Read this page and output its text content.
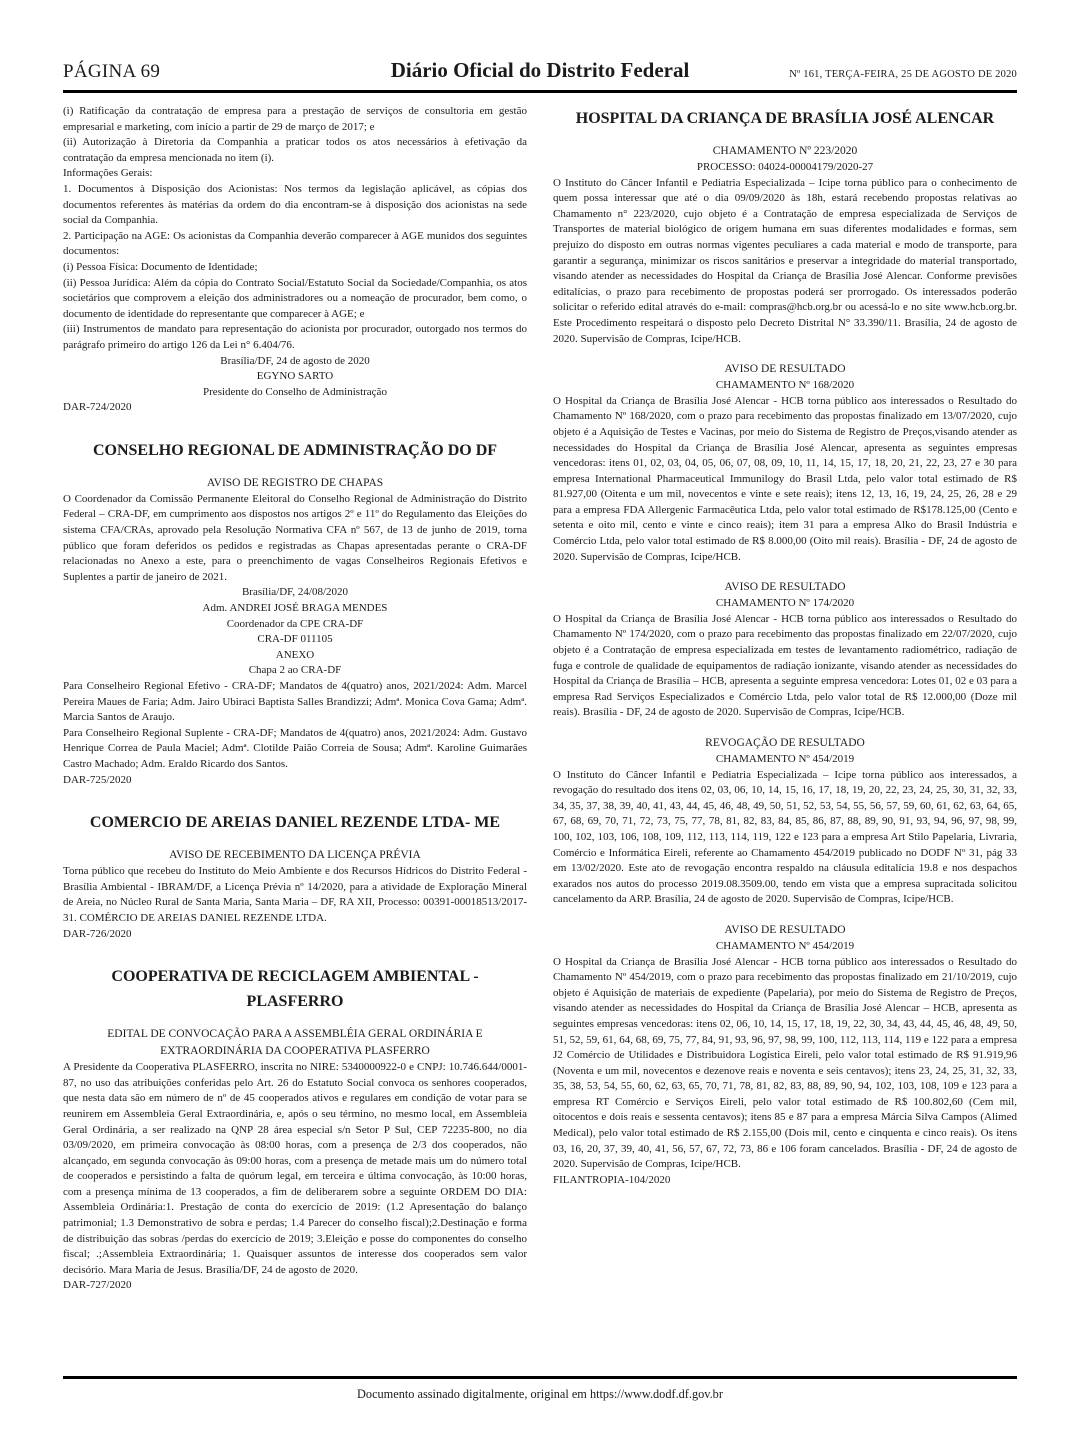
PÁGINA 69	Diário Oficial do Distrito Federal	Nº 161, TERÇA-FEIRA, 25 DE AGOSTO DE 2020

(i) Ratificação da contratação de empresa para a prestação de serviços de consultoria em gestão empresarial e marketing, com início a partir de 29 de março de 2017; e

(ii) Autorização à Diretoria da Companhia a praticar todos os atos necessários à efetivação da contratação da empresa mencionada no item (i).

Informações Gerais:

1. Documentos à Disposição dos Acionistas: Nos termos da legislação aplicável, as cópias dos documentos referentes às matérias da ordem do dia encontram-se à disposição dos acionistas na sede social da Companhia.

2. Participação na AGE: Os acionistas da Companhia deverão comparecer à AGE munidos dos seguintes documentos:

(i) Pessoa Física: Documento de Identidade;

(ii) Pessoa Jurídica: Além da cópia do Contrato Social/Estatuto Social da Sociedade/Companhia, os atos societários que comprovem a eleição dos administradores ou a nomeação de procurador, bem como, o documento de identidade do representante que comparecer à AGE; e

(iii) Instrumentos de mandato para representação do acionista por procurador, outorgado nos termos do parágrafo primeiro do artigo 126 da Lei n° 6.404/76.

Brasília/DF, 24 de agosto de 2020

EGYNO SARTO

Presidente do Conselho de Administração

DAR-724/2020

CONSELHO REGIONAL DE ADMINISTRAÇÃO DO DF

AVISO DE REGISTRO DE CHAPAS

O Coordenador da Comissão Permanente Eleitoral do Conselho Regional de Administração do Distrito Federal – CRA-DF, em cumprimento aos dispostos nos artigos 2º e 11º do Regulamento das Eleições do sistema CFA/CRAs, aprovado pela Resolução Normativa CFA nº 567, de 13 de junho de 2019, torna público que foram deferidos os pedidos e registradas as Chapas apresentadas perante o CRA-DF relacionadas no Anexo a este, para o preenchimento de vagas Conselheiros Regionais Efetivos e Suplentes a partir de janeiro de 2021.

Brasília/DF, 24/08/2020

Adm. ANDREI JOSÉ BRAGA MENDES

Coordenador da CPE CRA-DF

CRA-DF 011105

ANEXO

Chapa 2 ao CRA-DF

Para Conselheiro Regional Efetivo - CRA-DF; Mandatos de 4(quatro) anos, 2021/2024: Adm. Marcel Pereira Maues de Faria; Adm. Jairo Ubiraci Baptista Salles Brandizzi; Admª. Monica Cova Gama; Admª. Marcia Santos de Araujo.

Para Conselheiro Regional Suplente - CRA-DF; Mandatos de 4(quatro) anos, 2021/2024: Adm. Gustavo Henrique Correa de Paula Maciel; Admª. Clotilde Paião Correia de Sousa; Admª. Karoline Guimarães Castro Machado; Adm. Eraldo Ricardo dos Santos.

DAR-725/2020

COMERCIO DE AREIAS DANIEL REZENDE LTDA- ME

AVISO DE RECEBIMENTO DA LICENÇA PRÉVIA

Torna público que recebeu do Instituto do Meio Ambiente e dos Recursos Hídricos do Distrito Federal - Brasília Ambiental - IBRAM/DF, a Licença Prévia nº 14/2020, para a atividade de Exploração Mineral de Areia, no Núcleo Rural de Santa Maria, Santa Maria – DF, RA XII, Processo: 00391-00018513/2017-31. COMÉRCIO DE AREIAS DANIEL REZENDE LTDA.

DAR-726/2020

COOPERATIVA DE RECICLAGEM AMBIENTAL - PLASFERRO

EDITAL DE CONVOCAÇÃO PARA A ASSEMBLÉIA GERAL ORDINÁRIA E EXTRAORDINÁRIA DA COOPERATIVA PLASFERRO

A Presidente da Cooperativa PLASFERRO, inscrita no NIRE: 5340000922-0 e CNPJ: 10.746.644/0001-87, no uso das atribuições conferidas pelo Art. 26 do Estatuto Social convoca os senhores cooperados, que nesta data são em número de nº de 45 cooperados ativos e regulares em condição de votar para se reunirem em Assembleia Geral Extraordinária, e, após o seu término, no mesmo local, em Assembleia Geral Ordinária, a ser realizado na QNP 28 área especial s/n Setor P Sul, CEP 72235-800, no dia 03/09/2020, em primeira convocação às 08:00 horas, com a presença de 2/3 dos cooperados, não alcançado, em segunda convocação às 09:00 horas, com a presença de metade mais um do número total de cooperados e persistindo a falta de quórum legal, em terceira e última convocação, às 10:00 horas, com a presença mínima de 13 cooperados, a fim de deliberarem sobre a seguinte ORDEM DO DIA: Assembleia Ordinária:1. Prestação de conta do exercício de 2019: (1.2 Apresentação do balanço patrimonial; 1.3 Demonstrativo de sobra e perdas; 1.4 Parecer do conselho fiscal);2.Destinação e forma de distribuição das sobras /perdas do exercício de 2019; 3.Eleição e posse do componentes do conselho fiscal; .;Assembleia Extraordinária; 1. Quaisquer assuntos de interesse dos cooperados sem valor decisório. Mara Maria de Jesus. Brasília/DF, 24 de agosto de 2020.

DAR-727/2020

HOSPITAL DA CRIANÇA DE BRASÍLIA JOSÉ ALENCAR

CHAMAMENTO Nº 223/2020

PROCESSO: 04024-00004179/2020-27

O Instituto do Câncer Infantil e Pediatria Especializada – Icipe torna público para o conhecimento de quem possa interessar que até o dia 09/09/2020 às 18h, estará recebendo propostas relativas ao Chamamento n° 223/2020, cujo objeto é a Contratação de empresa especializada de Serviços de Transportes de material biológico de origem humana em suas diferentes modalidades e formas, sem prejuízo do disposto em outras normas vigentes peculiares a cada material e modo de transporte, para garantir a segurança, minimizar os riscos sanitários e preservar a integridade do material transportado, visando atender as necessidades do Hospital da Criança de Brasília José Alencar. Conforme previsões editalícias, o prazo para recebimento de propostas poderá ser prorrogado. Os interessados poderão solicitar o referido edital através do e-mail: compras@hcb.org.br ou acessá-lo e no site www.hcb.org.br. Este Procedimento respeitará o disposto pelo Decreto Distrital N° 33.390/11. Brasília, 24 de agosto de 2020. Supervisão de Compras, Icipe/HCB.

AVISO DE RESULTADO

CHAMAMENTO Nº 168/2020

O Hospital da Criança de Brasília José Alencar - HCB torna público aos interessados o Resultado do Chamamento Nº 168/2020, com o prazo para recebimento das propostas finalizado em 13/07/2020, cujo objeto é a Aquisição de Testes e Vacinas, por meio do Sistema de Registro de Preços,visando atender as necessidades do Hospital da Criança de Brasília José Alencar, apresenta as seguintes empresas vencedoras: itens 01, 02, 03, 04, 05, 06, 07, 08, 09, 10, 11, 14, 15, 17, 18, 20, 21, 22, 23, 27 e 30 para empresa International Pharmaceutical Immunilogy do Brasil Ltda, pelo valor total estimado de R$ 81.927,00 (Oitenta e um mil, novecentos e vinte e sete reais); itens 12, 13, 16, 19, 24, 25, 26, 28 e 29 para a empresa FDA Allergenic Farmacêutica Ltda, pelo valor total estimado de R$178.125,00 (Cento e setenta e oito mil, cento e vinte e cinco reais); item 31 para a empresa Alko do Brasil Indústria e Comércio Ltda, pelo valor total estimado de R$ 8.000,00 (Oito mil reais). Brasília - DF, 24 de agosto de 2020. Supervisão de Compras, Icipe/HCB.

AVISO DE RESULTADO

CHAMAMENTO Nº 174/2020

O Hospital da Criança de Brasília José Alencar - HCB torna público aos interessados o Resultado do Chamamento Nº 174/2020, com o prazo para recebimento das propostas finalizado em 22/07/2020, cujo objeto é a Contratação de empresa especializada em testes de levantamento radiométrico, radiação de fuga e controle de qualidade de equipamentos de radiação ionizante, visando atender as necessidades do Hospital da Criança de Brasília – HCB, apresenta a seguinte empresa vencedora: Lotes 01, 02 e 03 para a empresa Rad Serviços Especializados e Comércio Ltda, pelo valor total de R$ 12.000,00 (Doze mil reais). Brasília - DF, 24 de agosto de 2020. Supervisão de Compras, Icipe/HCB.

REVOGAÇÃO DE RESULTADO

CHAMAMENTO Nº 454/2019

O Instituto do Câncer Infantil e Pediatria Especializada – Icipe torna público aos interessados, a revogação do resultado dos itens 02, 03, 06, 10, 14, 15, 16, 17, 18, 19, 20, 22, 23, 24, 25, 30, 31, 32, 33, 34, 35, 37, 38, 39, 40, 41, 43, 44, 45, 46, 48, 49, 50, 51, 52, 53, 54, 55, 56, 57, 59, 60, 61, 62, 63, 64, 65, 67, 68, 69, 70, 71, 72, 73, 75, 77, 78, 81, 82, 83, 84, 85, 86, 87, 88, 89, 90, 91, 93, 94, 96, 97, 98, 99, 100, 102, 103, 106, 108, 109, 112, 113, 114, 119, 122 e 123 para a empresa Art Stilo Papelaria, Livraria, Comércio e Informática Eireli, referente ao Chamamento 454/2019 publicado no DODF Nº 31, pág 33 em 13/02/2020. Este ato de revogação encontra respaldo na cláusula editalícia 19.8 e nos despachos exarados nos autos do processo 2019.08.3509.00, tendo em vista que a empresa supracitada solicitou cancelamento da ARP. Brasília, 24 de agosto de 2020. Supervisão de Compras, Icipe/HCB.

AVISO DE RESULTADO

CHAMAMENTO Nº 454/2019

O Hospital da Criança de Brasília José Alencar - HCB torna público aos interessados o Resultado do Chamamento Nº 454/2019, com o prazo para recebimento das propostas finalizado em 21/10/2019, cujo objeto é Aquisição de materiais de expediente (Papelaria), por meio do Sistema de Registro de Preços, visando atender as necessidades do Hospital da Criança de Brasília José Alencar – HCB, apresenta as seguintes empresas vencedoras: itens 02, 06, 10, 14, 15, 17, 18, 19, 22, 30, 34, 43, 44, 45, 46, 48, 49, 50, 51, 52, 59, 61, 64, 68, 69, 75, 77, 84, 91, 93, 96, 97, 98, 99, 100, 112, 113, 114, 119 e 122 para a empresa J2 Comércio de Utilidades e Distribuidora Logística Eireli, pelo valor total estimado de R$ 91.919,96 (Noventa e um mil, novecentos e dezenove reais e noventa e seis centavos); itens 23, 24, 25, 31, 32, 33, 35, 38, 53, 54, 55, 60, 62, 63, 65, 70, 71, 78, 81, 82, 83, 88, 89, 90, 94, 102, 103, 108, 109 e 123 para a empresa RT Comércio e Serviços Eireli, pelo valor total estimado de R$ 100.802,60 (Cem mil, oitocentos e dois reais e sessenta centavos); itens 85 e 87 para a empresa Márcia Silva Campos (Alimed Medical), pelo valor total estimado de R$ 2.155,00 (Dois mil, cento e cinquenta e cinco reais). Os itens 03, 16, 20, 37, 39, 40, 41, 56, 57, 67, 72, 73, 86 e 106 foram cancelados. Brasília - DF, 24 de agosto de 2020. Supervisão de Compras, Icipe/HCB.

FILANTROPIA-104/2020

Documento assinado digitalmente, original em https://www.dodf.df.gov.br
